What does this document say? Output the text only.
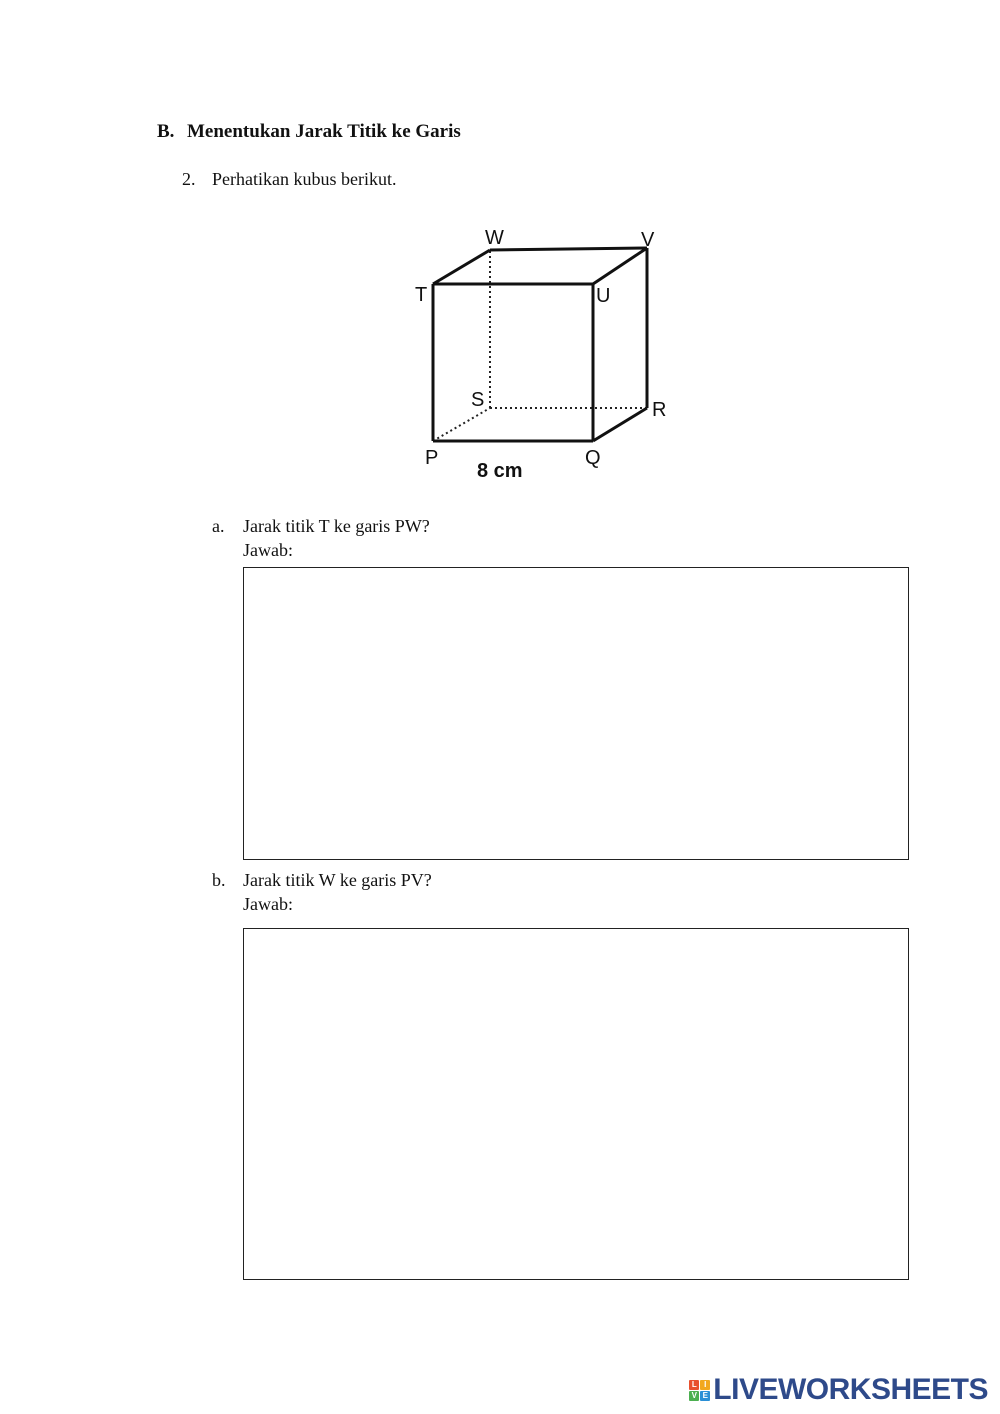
B. Menentukan Jarak Titik ke Garis
2. Perhatikan kubus berikut.
W	V
T	U
S	R
P	Q
8 cm
a. Jarak titik T ke garis PW?
Jawab:
b. Jarak titik W ke garis PV?
Jawab:
L I
V E LIVEWORKSHEETS
